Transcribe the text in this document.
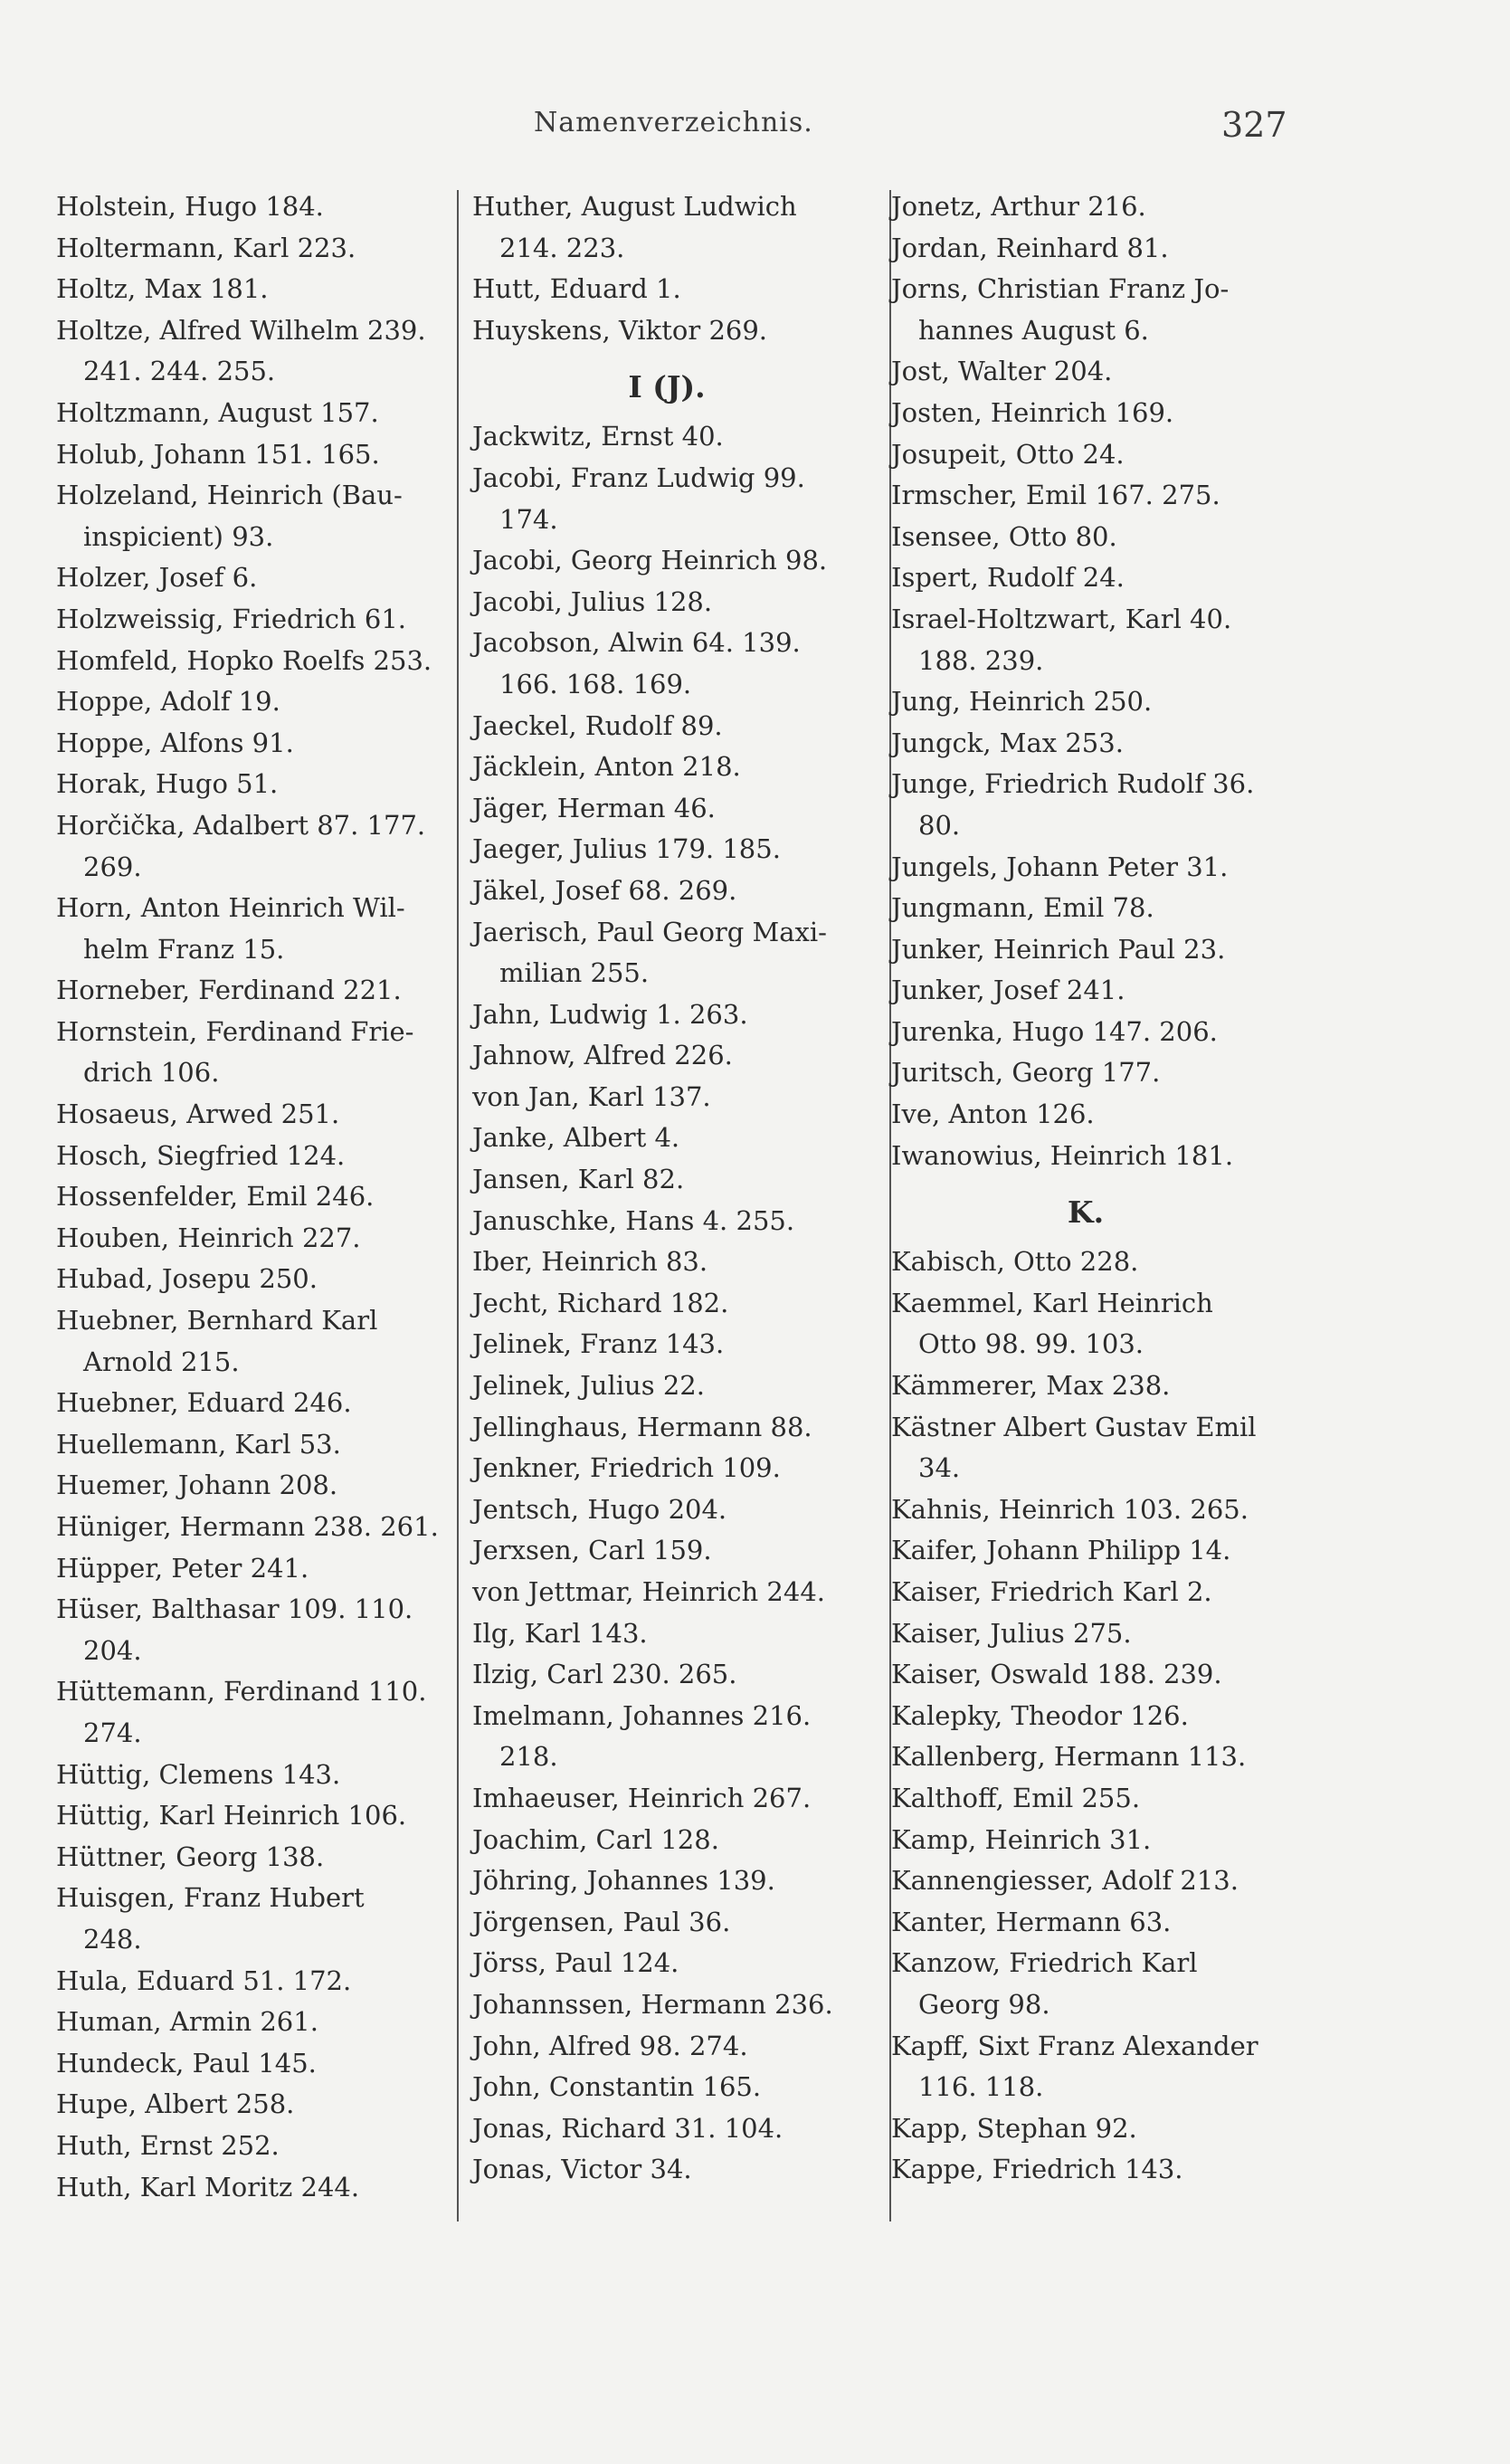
Namenverzeichnis.	327
Holstein, Hugo 184.
Holtermann, Karl 223.
Holtz, Max 181.
Holtze, Alfred Wilhelm 239.
241. 244. 255.
Holtzmann, August 157.
Holub, Johann 151. 165.
Holzeland, Heinrich (Bau-
inspicient) 93.
Holzer, Josef 6.
Holzweissig, Friedrich 61.
Homfeld, Hopko Roelfs 253.
Hoppe, Adolf 19.
Hoppe, Alfons 91.
Horak, Hugo 51.
Horčička, Adalbert 87. 177.
269.
Horn, Anton Heinrich Wil-
helm Franz 15.
Horneber, Ferdinand 221.
Hornstein, Ferdinand Frie-
drich 106.
Hosaeus, Arwed 251.
Hosch, Siegfried 124.
Hossenfelder, Emil 246.
Houben, Heinrich 227.
Hubad, Josepu 250.
Huebner, Bernhard Karl
Arnold 215.
Huebner, Eduard 246.
Huellemann, Karl 53.
Huemer, Johann 208.
Hüniger, Hermann 238. 261.
Hüpper, Peter 241.
Hüser, Balthasar 109. 110.
204.
Hüttemann, Ferdinand 110.
274.
Hüttig, Clemens 143.
Hüttig, Karl Heinrich 106.
Hüttner, Georg 138.
Huisgen, Franz Hubert
248.
Hula, Eduard 51. 172.
Human, Armin 261.
Hundeck, Paul 145.
Hupe, Albert 258.
Huth, Ernst 252.
Huth, Karl Moritz 244.
Huther, August Ludwich
214. 223.
Hutt, Eduard 1.
Huyskens, Viktor 269.
I (J).
Jackwitz, Ernst 40.
Jacobi, Franz Ludwig 99.
174.
Jacobi, Georg Heinrich 98.
Jacobi, Julius 128.
Jacobson, Alwin 64. 139.
166. 168. 169.
Jaeckel, Rudolf 89.
Jäcklein, Anton 218.
Jäger, Herman 46.
Jaeger, Julius 179. 185.
Jäkel, Josef 68. 269.
Jaerisch, Paul Georg Maxi-
milian 255.
Jahn, Ludwig 1. 263.
Jahnow, Alfred 226.
von Jan, Karl 137.
Janke, Albert 4.
Jansen, Karl 82.
Januschke, Hans 4. 255.
Iber, Heinrich 83.
Jecht, Richard 182.
Jelinek, Franz 143.
Jelinek, Julius 22.
Jellinghaus, Hermann 88.
Jenkner, Friedrich 109.
Jentsch, Hugo 204.
Jerxsen, Carl 159.
von Jettmar, Heinrich 244.
Ilg, Karl 143.
Ilzig, Carl 230. 265.
Imelmann, Johannes 216.
218.
Imhaeuser, Heinrich 267.
Joachim, Carl 128.
Jöhring, Johannes 139.
Jörgensen, Paul 36.
Jörss, Paul 124.
Johannssen, Hermann 236.
John, Alfred 98. 274.
John, Constantin 165.
Jonas, Richard 31. 104.
Jonas, Victor 34.
Jonetz, Arthur 216.
Jordan, Reinhard 81.
Jorns, Christian Franz Jo-
hannes August 6.
Jost, Walter 204.
Josten, Heinrich 169.
Josupeit, Otto 24.
Irmscher, Emil 167. 275.
Isensee, Otto 80.
Ispert, Rudolf 24.
Israel-Holtzwart, Karl 40.
188. 239.
Jung, Heinrich 250.
Jungck, Max 253.
Junge, Friedrich Rudolf 36.
80.
Jungels, Johann Peter 31.
Jungmann, Emil 78.
Junker, Heinrich Paul 23.
Junker, Josef 241.
Jurenka, Hugo 147. 206.
Juritsch, Georg 177.
Ive, Anton 126.
Iwanowius, Heinrich 181.
K.
Kabisch, Otto 228.
Kaemmel, Karl Heinrich
Otto 98. 99. 103.
Kämmerer, Max 238.
Kästner Albert Gustav Emil
34.
Kahnis, Heinrich 103. 265.
Kaifer, Johann Philipp 14.
Kaiser, Friedrich Karl 2.
Kaiser, Julius 275.
Kaiser, Oswald 188. 239.
Kalepky, Theodor 126.
Kallenberg, Hermann 113.
Kalthoff, Emil 255.
Kamp, Heinrich 31.
Kannengiesser, Adolf 213.
Kanter, Hermann 63.
Kanzow, Friedrich Karl
Georg 98.
Kapff, Sixt Franz Alexander
116. 118.
Kapp, Stephan 92.
Kappe, Friedrich 143.
